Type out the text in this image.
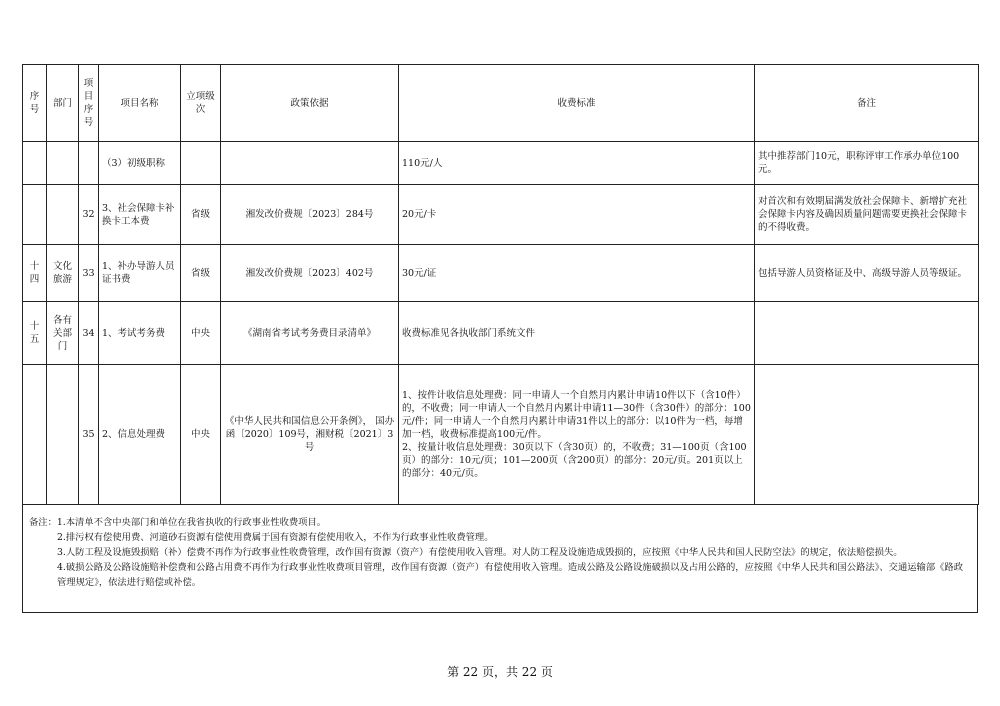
序号	部门	项目序号	项目名称	立项级次	政策依据	收费标准	备注
			（3）初级职称			110元/人	其中推荐部门10元，职称评审工作承办单位100元。
		32	3、社会保障卡补换卡工本费	省级	湘发改价费规〔2023〕284号	20元/卡	对首次和有效期届满发放社会保障卡、新增扩充社会保障卡内容及确因质量问题需要更换社会保障卡的不得收费。
十四	文化旅游	33	1、补办导游人员证书费	省级	湘发改价费规〔2023〕402号	30元/证	包括导游人员资格证及中、高级导游人员等级证。
十五	各有关部门	34	1、考试考务费	中央	《湖南省考试考务费目录清单》	收费标准见各执收部门系统文件	
		35	2、信息处理费	中央	《中华人民共和国信息公开条例》， 国办函〔2020〕109号，湘财税〔2021〕3号	1、按件计收信息处理费：同一申请人一个自然月内累计申请10件以下（含10件）的，不收费；同一申请人一个自然月内累计申请11—30件（含30件）的部分：100元/件；同一申请人一个自然月内累计申请31件以上的部分：以10件为一档，每增加一档，收费标准提高100元/件。
2、按量计收信息处理费：30页以下（含30页）的，不收费；31—100页（含100页）的部分：10元/页；101—200页（含200页）的部分：20元/页。201页以上的部分：40元/页。	

备注：1.本清单不含中央部门和单位在我省执收的行政事业性收费项目。

2.排污权有偿使用费、河道砂石资源有偿使用费属于国有资源有偿使用收入，不作为行政事业性收费管理。

3.人防工程及设施毁损赔（补）偿费不再作为行政事业性收费管理，改作国有资源（资产）有偿使用收入管理。对人防工程及设施造成毁损的，应按照《中华人民共和国人民防空法》的规定，依法赔偿损失。

4.破损公路及公路设施赔补偿费和公路占用费不再作为行政事业性收费项目管理，改作国有资源（资产）有偿使用收入管理。造成公路及公路设施破损以及占用公路的，应按照《中华人民共和国公路法》、交通运输部《路政管理规定》，依法进行赔偿或补偿。

第 22 页，共 22 页
